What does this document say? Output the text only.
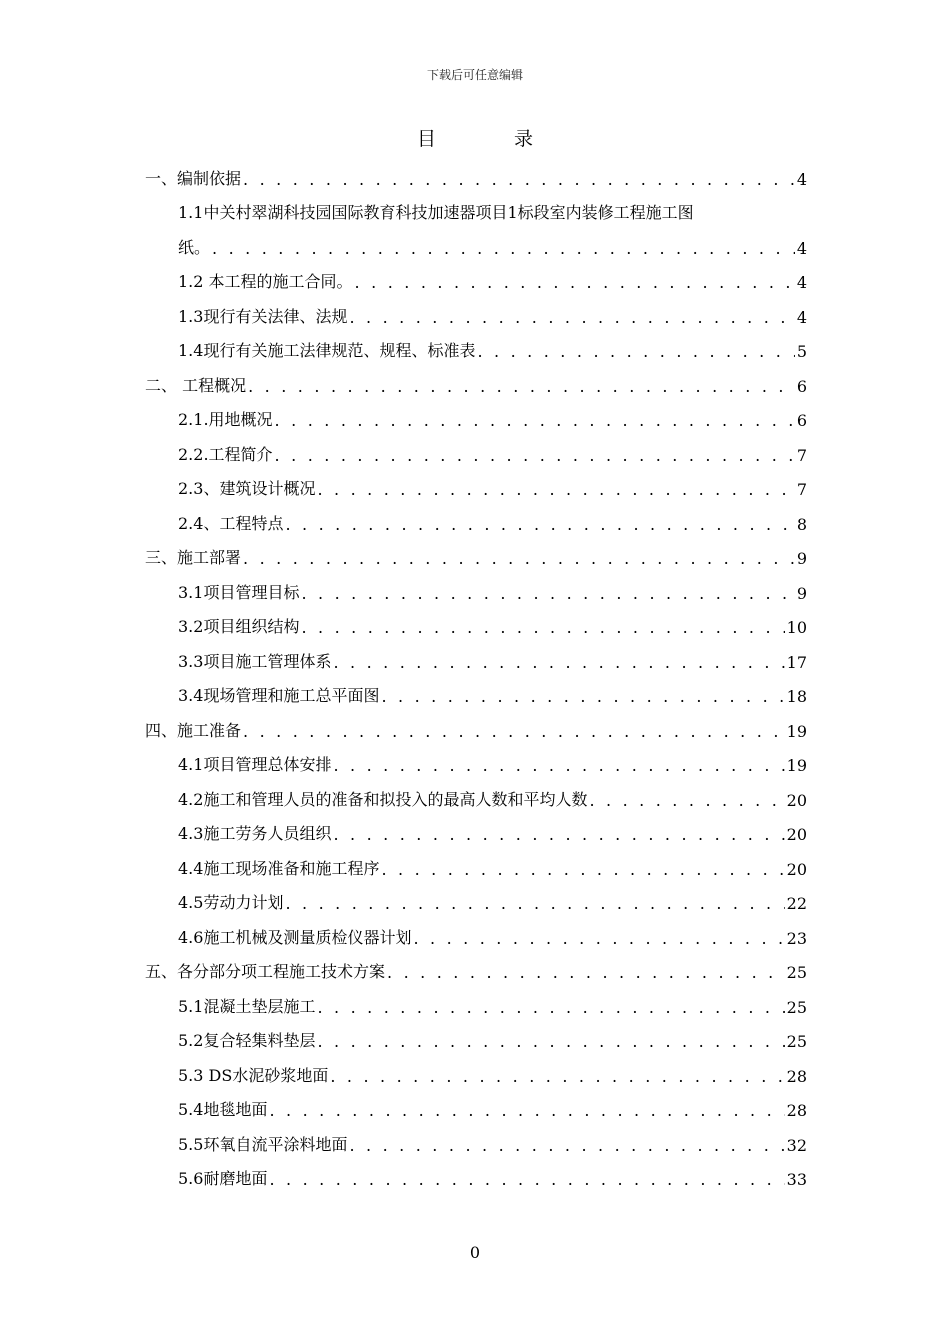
下载后可任意编辑
目 录
一、编制依据 . . .	4
1.1中关村翠湖科技园国际教育科技加速器项目1标段室内装修工程施工图
纸。 . . .	4
1.2 本工程的施工合同。 . . .	4
1.3现行有关法律、法规 . . .	4
1.4现行有关施工法律规范、规程、标准表 . . .	5
二、 工程概况 . . .	6
2.1.用地概况 . . .	6
2.2.工程简介 . . .	7
2.3、建筑设计概况 . . .	7
2.4、工程特点 . . .	8
三、施工部署 . . .	9
3.1项目管理目标 . . .	9
3.2项目组织结构 . . .	10
3.3项目施工管理体系 . . .	17
3.4现场管理和施工总平面图 . . .	18
四、施工准备 . . .	19
4.1项目管理总体安排 . . .	19
4.2施工和管理人员的准备和拟投入的最高人数和平均人数 . . .	20
4.3施工劳务人员组织 . . .	20
4.4施工现场准备和施工程序 . . .	20
4.5劳动力计划 . . .	22
4.6施工机械及测量质检仪器计划 . . .	23
五、各分部分项工程施工技术方案 . . .	25
5.1混凝土垫层施工 . . .	25
5.2复合轻集料垫层 . . .	25
5.3 DS水泥砂浆地面 . . .	28
5.4地毯地面 . . .	28
5.5环氧自流平涂料地面 . . .	32
5.6耐磨地面 . . .	33
0
